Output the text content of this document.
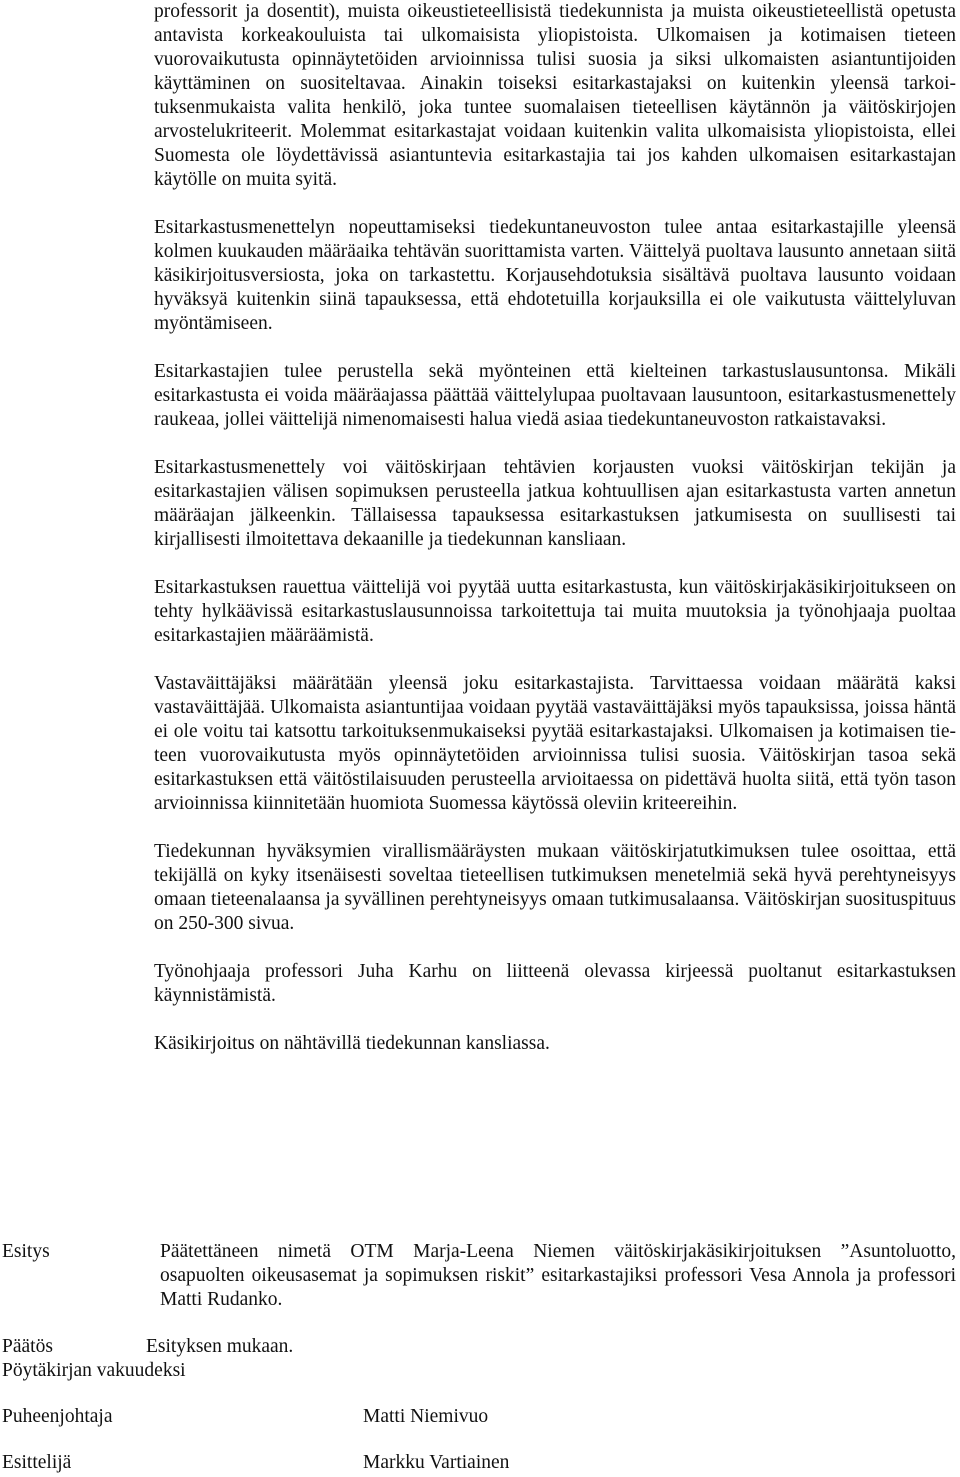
professorit ja dosentit), muista oikeustieteellisistä tiedekunnista ja muista oikeustieteellistä opetusta antavista korkeakouluista tai ulkomaisista yliopistoista. Ulkomaisen ja kotimaisen tieteen vuorovaikutusta opinnäytetöiden arvioinnissa tulisi suosia ja siksi ulkomaisten asiantuntijoiden käyttäminen on suositeltavaa. Ainakin toiseksi esitarkastajaksi on kuitenkin yleensä tarkoituksenmukaista valita henkilö, joka tuntee suomalaisen tieteellisen käytännön ja väitöskirjojen arvostelukriteerit. Molemmat esitarkastajat voidaan kuitenkin valita ulkomaisista yliopistoista, ellei Suomesta ole löydettävissä asiantuntevia esitarkastajia tai jos kahden ulkomaisen esitarkastajan käytölle on muita syitä.

Esitarkastusmenettelyn nopeuttamiseksi tiedekuntaneuvoston tulee antaa esitarkastajille yleensä kolmen kuukauden määräaika tehtävän suorittamista varten. Väittelyä puoltava lausunto annetaan siitä käsikirjoitusversiosta, joka on tarkastettu. Korjausehdotuksia sisältävä puoltava lausunto voidaan hyväksyä kuitenkin siinä tapauksessa, että ehdotetuilla korjauksilla ei ole vaikutusta väittelyluvan myöntämiseen.

Esitarkastajien tulee perustella sekä myönteinen että kielteinen tarkastuslausuntonsa. Mikäli esitarkastusta ei voida määräajassa päättää väittelylupaa puoltavaan lausuntoon, esitarkastusmenettely raukeaa, jollei väittelijä nimenomaisesti halua viedä asiaa tiedekuntaneuvoston ratkaistavaksi.

Esitarkastusmenettely voi väitöskirjaan tehtävien korjausten vuoksi väitöskirjan tekijän ja esitarkastajien välisen sopimuksen perusteella jatkua kohtuullisen ajan esitarkastusta varten annetun määräajan jälkeenkin. Tällaisessa tapauksessa esitarkastuksen jatkumisesta on suullisesti tai kirjallisesti ilmoitettava dekaanille ja tiedekunnan kansliaan.

Esitarkastuksen rauettua väittelijä voi pyytää uutta esitarkastusta, kun väitöskirjakäsikirjoitukseen on tehty hylkäävissä esitarkastuslausunnoissa tarkoitettuja tai muita muutoksia ja työnohjaaja puoltaa esitarkastajien määräämistä.

Vastaväittäjäksi määrätään yleensä joku esitarkastajista. Tarvittaessa voidaan määrätä kaksi vastaväittäjää. Ulkomaista asiantuntijaa voidaan pyytää vastaväittäjäksi myös tapauksissa, joissa häntä ei ole voitu tai katsottu tarkoituksenmukaiseksi pyytää esitarkastajaksi. Ulkomaisen ja kotimaisen tieteen vuorovaikutusta myös opinnäytetöiden arvioinnissa tulisi suosia. Väitöskirjan tasoa sekä esitarkastuksen että väitöstilaisuuden perusteella arvioitaessa on pidettävä huolta siitä, että työn tason arvioinnissa kiinnitetään huomiota Suomessa käytössä oleviin kriteereihin.

Tiedekunnan hyväksymien virallismääräysten mukaan väitöskirjatutkimuksen tulee osoittaa, että tekijällä on kyky itsenäisesti soveltaa tieteellisen tutkimuksen menetelmiä sekä hyvä perehtyneisyys omaan tieteenalaansa ja syvällinen perehtyneisyys omaan tutkimusalaansa. Väitöskirjan suosituspituus on 250-300 sivua.

Työnohjaaja professori Juha Karhu on liitteenä olevassa kirjeessä puoltanut esitarkastuksen käynnistämistä.

Käsikirjoitus on nähtävillä tiedekunnan kansliassa.

Esitys	Päätettäneen nimetä OTM Marja-Leena Niemen väitöskirjakäsikirjoituksen ”Asuntoluotto, osapuolten oikeusasemat ja sopimuksen riskit” esitarkastajiksi professori Vesa Annola ja professori Matti Rudanko.
Päätös	Esityksen mukaan.
Pöytäkirjan vakuudeksi
Puheenjohtaja	Matti Niemivuo
Esittelijä	Markku Vartiainen
